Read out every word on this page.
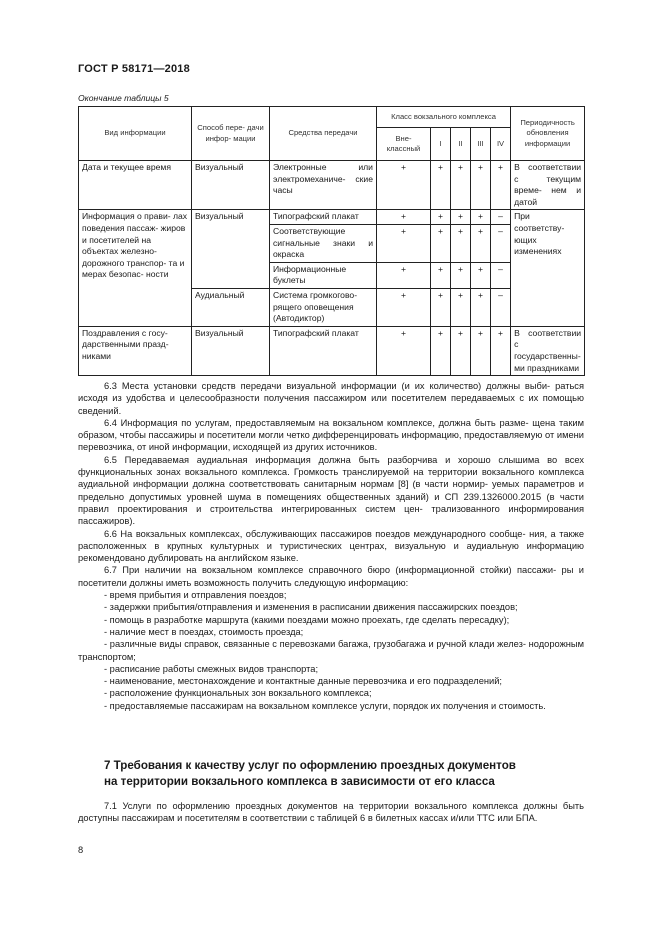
ГОСТ Р 58171—2018
Окончание таблицы 5
Вид информации	Способ пере- дачи инфор- мации	Средства передачи	Класс вокзального комплекса					Периодичность обновления информации
			Вне- классный	I	II	III	IV	
Дата и текущее время	Визуальный	Электронные или электромеханиче- ские часы	+	+	+	+	+	В соответствии с текущим време- нем и датой
Информация о прави- лах поведения пассаж- жиров и посетителей на объектах железно- дорожного транспор- та и мерах безопас- ности	Визуальный	Типографский плакат	+	+	+	+	–	При соответству- ющих изменениях
		Соответствующие сигнальные знаки и окраска	+	+	+	+	–	
		Информационные буклеты	+	+	+	+	–	
	Аудиальный	Система громкогово- рящего оповещения (Автодиктор)	+	+	+	+	–	
Поздравления с госу- дарственными празд- никами	Визуальный	Типографский плакат	+	+	+	+	+	В соответствии с государственны- ми праздниками

6.3 Места установки средств передачи визуальной информации (и их количество) должны выби- раться исходя из удобства и целесообразности получения пассажиром или посетителем передаваемых с их помощью сведений.

6.4 Информация по услугам, предоставляемым на вокзальном комплексе, должна быть разме- щена таким образом, чтобы пассажиры и посетители могли четко дифференцировать информацию, предоставляемую от имени перевозчика, от иной информации, исходящей из других источников.

6.5 Передаваемая аудиальная информация должна быть разборчива и хорошо слышима во всех функциональных зонах вокзального комплекса. Громкость транслируемой на территории вокзального комплекса аудиальной информации должна соответствовать санитарным нормам [8] (в части нормир- уемых параметров и предельно допустимых уровней шума в помещениях общественных зданий) и СП 239.1326000.2015 (в части правил проектирования и строительства интегрированных систем цен- трализованного информирования пассажиров).

6.6 На вокзальных комплексах, обслуживающих пассажиров поездов международного сообще- ния, а также расположенных в крупных культурных и туристических центрах, визуальную и аудиальную информацию рекомендовано дублировать на английском языке.

6.7 При наличии на вокзальном комплексе справочного бюро (информационной стойки) пассажи- ры и посетители должны иметь возможность получить следующую информацию:

- время прибытия и отправления поездов;

- задержки прибытия/отправления и изменения в расписании движения пассажирских поездов;

- помощь в разработке маршрута (какими поездами можно проехать, где сделать пересадку);

- наличие мест в поездах, стоимость проезда;

- различные виды справок, связанные с перевозками багажа, грузобагажа и ручной клади желез- нодорожным транспортом;

- расписание работы смежных видов транспорта;

- наименование, местонахождение и контактные данные перевозчика и его подразделений;

- расположение функциональных зон вокзального комплекса;

- предоставляемые пассажирам на вокзальном комплексе услуги, порядок их получения и стоимость.

7 Требования к качеству услуг по оформлению проездных документов
на территории вокзального комплекса в зависимости от его класса

7.1 Услуги по оформлению проездных документов на территории вокзального комплекса должны быть доступны пассажирам и посетителям в соответствии с таблицей 6 в билетных кассах и/или ТТС или БПА.

8
